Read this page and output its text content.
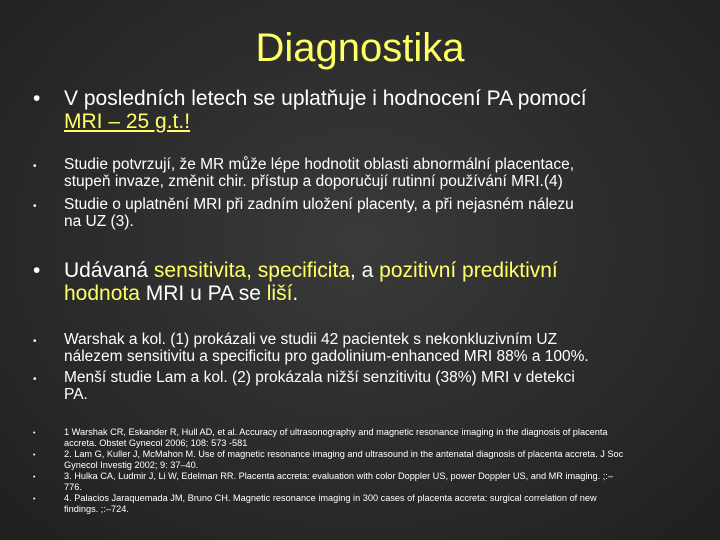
Diagnostika
• V posledních letech se uplatňuje i hodnocení PA pomocí
MRI – 25 g.t.!
• Studie potvrzují, že MR může lépe hodnotit oblasti abnormální placentace,
stupeň invaze, změnit chir. přístup a doporučují rutinní používání MRI.(4)
• Studie o uplatnění MRI při zadním uložení placenty, a při nejasném nálezu
na UZ (3).
• Udávaná sensitivita, specificita, a pozitivní prediktivní
hodnota MRI u PA se liší.
• Warshak a kol. (1) prokázali ve studii 42 pacientek s nekonkluzivním UZ
nálezem sensitivitu a specificitu pro gadolinium-enhanced MRI 88% a 100%.
• Menší studie Lam a kol. (2) prokázala nižší senzitivitu (38%) MRI v detekci
PA.
•	1 Warshak CR, Eskander R, Hull AD, et al. Accuracy of ultrasonography and magnetic resonance imaging in the diagnosis of placenta
accreta. Obstet Gynecol 2006; 108: 573 -581
•	2. Lam G, Kuller J, McMahon M. Use of magnetic resonance imaging and ultrasound in the antenatal diagnosis of placenta accreta. J Soc
Gynecol Investig 2002; 9: 37–40.
•	3. Hulka CA, Ludmir J, Li W, Edelman RR. Placenta accreta: evaluation with color Doppler US, power Doppler US, and MR imaging. ;:–
776.
•	4. Palacios Jaraquemada JM, Bruno CH. Magnetic resonance imaging in 300 cases of placenta accreta: surgical correlation of new
findings. ;:–724.
